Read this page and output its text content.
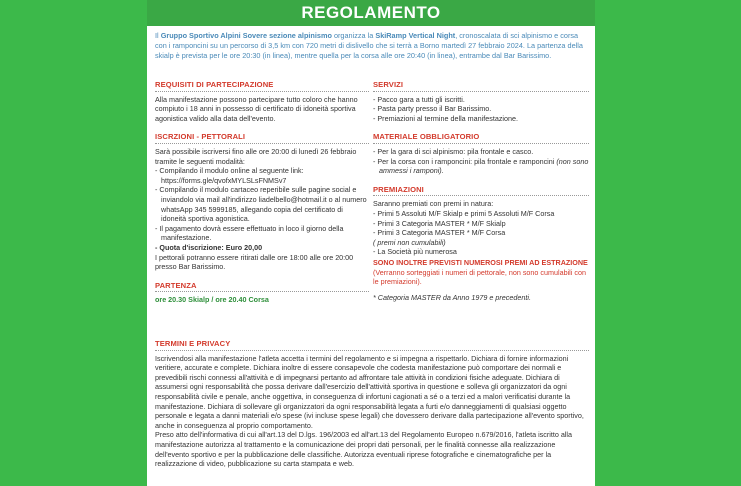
REGOLAMENTO
Il Gruppo Sportivo Alpini Sovere sezione alpinismo organizza la SkiRamp Vertical Night, cronoscalata di sci alpinismo e corsa con i ramponcini su un percorso di 3,5 km con 720 metri di dislivello che si terrà a Borno martedì 27 febbraio 2024. La partenza della skialp è prevista per le ore 20:30 (in linea), mentre quella per la corsa alle ore 20:40 (in linea), entrambe dal Bar Barissimo.
REQUISITI DI PARTECIPAZIONE

Alla manifestazione possono partecipare tutto coloro che hanno compiuto i 18 anni in possesso di certificato di idoneità sportiva agonistica valido alla data dell'evento.

ISCRZIONI - PETTORALI

Sarà possibile iscriversi fino alle ore 20:00 di lunedì 26 febbraio tramite le seguenti modalità:

- Compilando il modulo online al seguente link: https://forms.gle/qvofxMYLSLsFNMSv7

- Compilando il modulo cartaceo reperibile sulle pagine social e inviandolo via mail all'indirizzo liadelbello@hotmail.it o al numero whatsApp 345 5999185, allegando copia del certificato di idoneità sportiva agonistica.

- Il pagamento dovrà essere effettuato in loco il giorno della manifestazione.

- Quota d'iscrizione: Euro 20,00

I pettorali potranno essere ritirati dalle ore 18:00 alle ore 20:00 presso Bar Barissimo.

PARTENZA

ore 20.30 Skialp / ore 20.40 Corsa

SERVIZI

- Pacco gara a tutti gli iscritti.

- Pasta party presso il Bar Barissimo.

- Premiazioni al termine della manifestazione.

MATERIALE OBBLIGATORIO

- Per la gara di sci alpinismo: pila frontale e casco.

- Per la corsa con i ramponcini: pila frontale e ramponcini (non sono ammessi i ramponi).

PREMIAZIONI

Saranno premiati con premi in natura:

- Primi 5 Assoluti M/F Skialp e primi 5 Assoluti M/F Corsa

- Primi 3 Categoria MASTER * M/F Skialp

- Primi 3 Categoria MASTER * M/F Corsa

( premi non cumulabili)

- La Società più numerosa

SONO INOLTRE PREVISTI NUMEROSI PREMI AD ESTRAZIONE (Verranno sorteggiati i numeri di pettorale, non sono cumulabili con le premiazioni).

* Categoria MASTER da Anno 1979 e precedenti.

TERMINI E PRIVACY

Iscrivendosi alla manifestazione l'atleta accetta i termini del regolamento e si impegna a rispettarlo. Dichiara di fornire informazioni veritiere, accurate e complete. Dichiara inoltre di essere consapevole che codesta manifestazione può comportare dei normali e prevedibili rischi connessi all'attività e di impegnarsi pertanto ad affrontare tale attività in condizioni fisiche adeguate. Dichiara di assumersi ogni responsabilità che possa derivare dall'esercizio dell'attività sportiva in questione e solleva gli organizzatori da ogni responsabilità civile e penale, anche oggettiva, in conseguenza di infortuni cagionati a sé o a terzi ed a malori verificatisi durante la manifestazione. Dichiara di sollevare gli organizzatori da ogni responsabilità legata a furti e/o danneggiamenti di qualsiasi oggetto personale e legata a danni materiali e/o spese (ivi incluse spese legali) che dovessero derivare dalla partecipazione all'evento sportivo, anche in conseguenza al proprio comportamento.

Preso atto dell'informativa di cui all'art.13 del D.lgs. 196/2003 ed all'art.13 del Regolamento Europeo n.679/2016, l'atleta iscritto alla manifestazione autorizza al trattamento e la comunicazione dei propri dati personali, per le finalità connesse alla realizzazione dell'evento sportivo e per la pubblicazione delle classifiche. Autorizza eventuali riprese fotografiche e cinematografiche per la realizzazione di video, pubblicazione su carta stampata e web.
